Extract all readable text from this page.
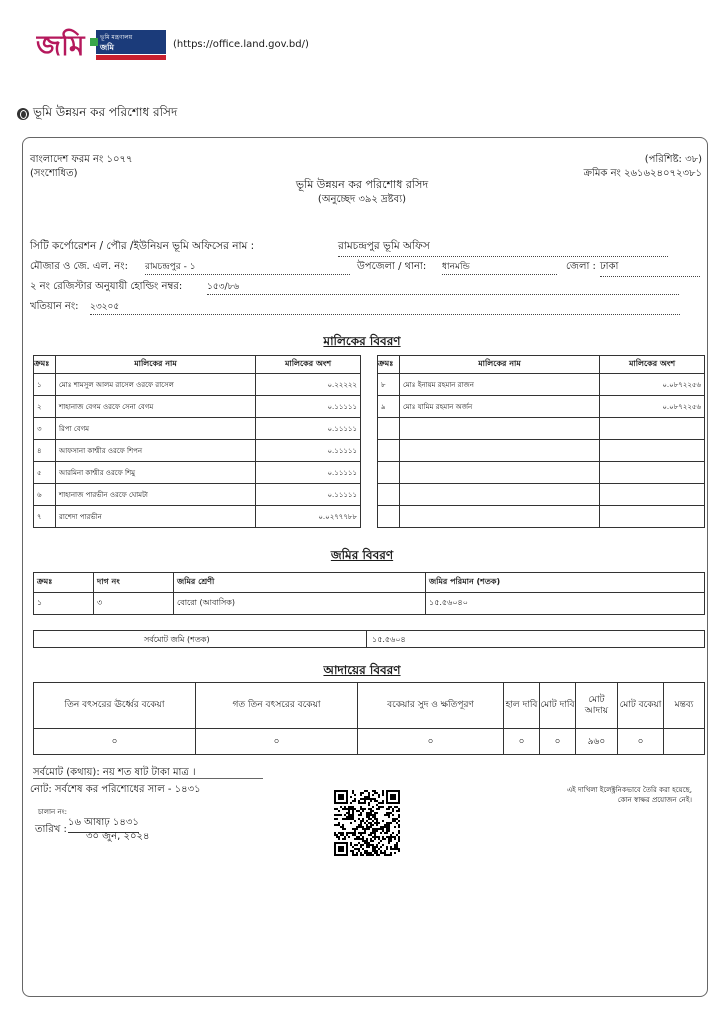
জমি	ভূমি মন্ত্রণালয়
জমি	(https://office.land.gov.bd/)
ভূমি উন্নয়ন কর পরিশোধ রসিদ
বাংলাদেশ ফরম নং ১০৭৭
(সংশোধিত)
(পরিশিষ্ট: ৩৮)
ক্রমিক নং ২৬১৬২৪০৭২৩৮১
ভূমি উন্নয়ন কর পরিশোধ রসিদ
(অনুচ্ছেদ ৩৯২ দ্রষ্টব্য)
সিটি কর্পোরেশন / পৌর /ইউনিয়ন ভূমি অফিসের নাম :	রামচন্দ্রপুর ভূমি অফিস
মৌজার ও জে. এল. নং: রামচন্দ্রপুর - ১	উপজেলা / থানা: ধানমন্ডি	জেলা : ঢাকা
২ নং রেজিস্টার অনুযায়ী হোল্ডিং নম্বর:	১৫৩/৮৬
খতিয়ান নং: ২৩২০৫
মালিকের বিবরণ
ক্রমঃ	মালিকের নাম	মালিকের অংশ
১	মোঃ শামসুল আলম রাসেল ওরফে রাসেল	০.২২২২২
২	শাহানাজ বেগম ওরফে সেনা বেগম	০.১১১১১
৩	রিপা বেগম	০.১১১১১
৪	আফসানা কাশ্মীর ওরফে শিপন	০.১১১১১
৫	আরমিনা কাশ্মীর ওরফে শিমু	০.১১১১১
৬	শাহানাজ পারভীন ওরফে ঘোমটা	০.১১১১১
৭	রাশেদা পারভীন	০.০২৭৭৭৮৮
ক্রমঃ	মালিকের নাম	মালিকের অংশ
৮	মোঃ ইনায়ম রহমান রাজন	০.০৮৭২২৫৬
৯	মোঃ যামিম রহমান অর্জন	০.০৮৭২২৫৬

জমির বিবরণ
ক্রমঃ	দাগ নং	জমির শ্রেণী	জমির পরিমান (শতক)
১	৩	বোরো (আবাসিক)	১৫.৫৬০৪০
সর্বমোট জমি (শতক)	১৫.৫৬০৪
আদায়ের বিবরণ
তিন বৎসরের ঊর্ধ্বের বকেয়া	গত তিন বৎসরের বকেয়া	বকেয়ার সুদ ও ক্ষতিপূরণ	হাল দাবি	মোট দাবি	মোট আদায়	মোট বকেয়া	মন্তব্য
০	০	০	০	০	৯৬০	০	
সর্বমোট (কথায়): নয় শত ষাট টাকা মাত্র ।
নোট: সর্বশেষ কর পরিশোধের সাল - ১৪৩১
চালান নং:
তারিখ :
১৬ আষাঢ় ১৪৩১
৩০ জুন, ২০২৪
এই দাখিলা ইলেক্ট্রনিকভাবে তৈরি করা হয়েছে,
কোন স্বাক্ষর প্রয়োজন নেই।
